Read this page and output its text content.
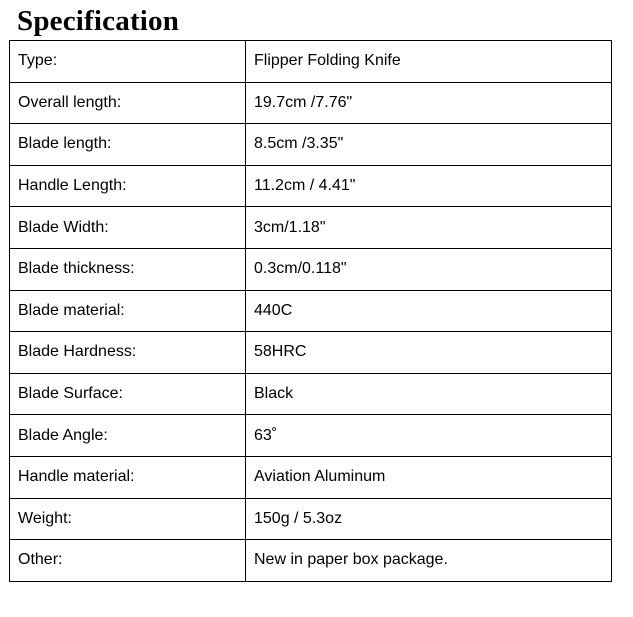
Specification
Type:	Flipper Folding Knife
Overall length:	19.7cm /7.76"
Blade length:	8.5cm /3.35"
Handle Length:	11.2cm / 4.41"
Blade Width:	3cm/1.18"
Blade thickness:	0.3cm/0.118"
Blade material:	440C
Blade Hardness:	58HRC
Blade Surface:	Black
Blade Angle:	63˚
Handle material:	Aviation Aluminum
Weight:	150g / 5.3oz
Other:	New in paper box package.
